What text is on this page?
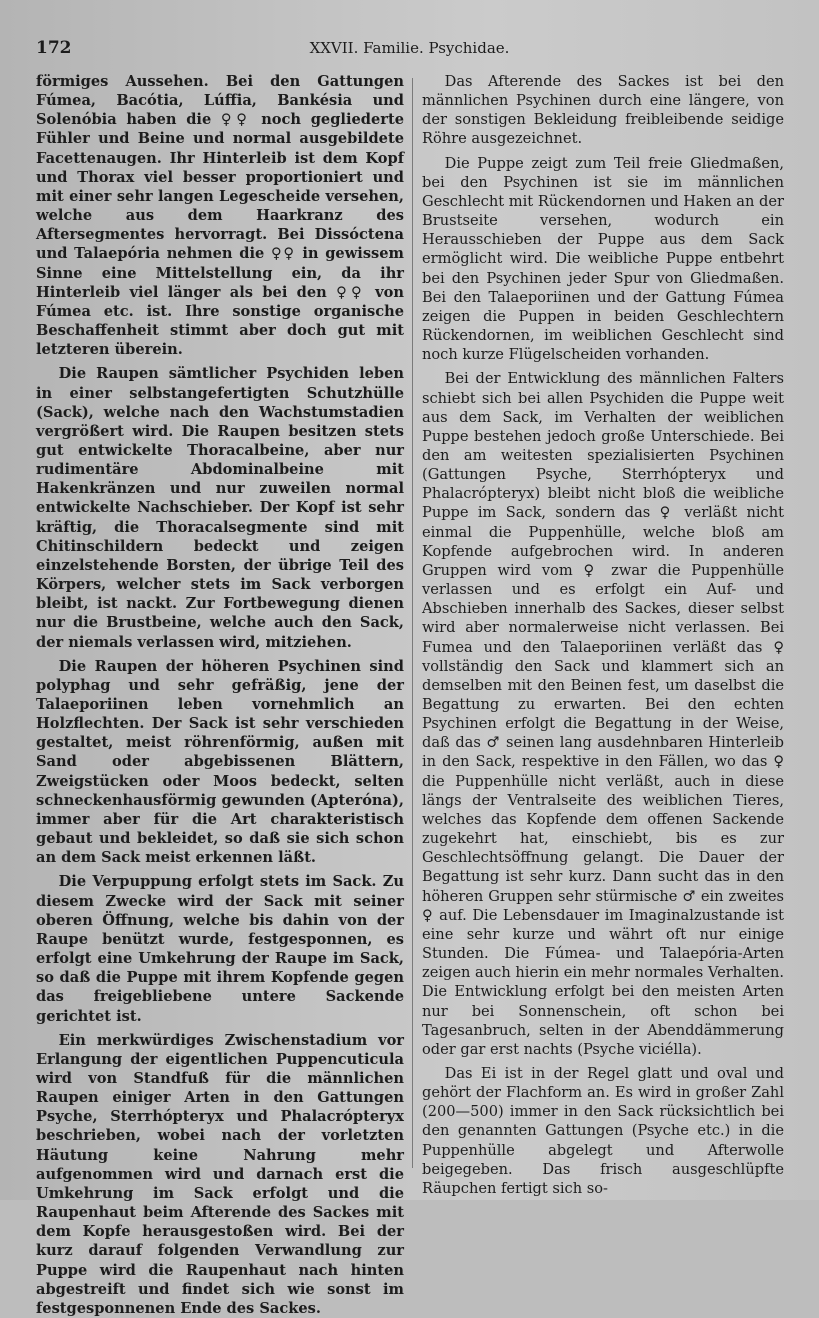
172	XXVII. Familie. Psychidae.

förmiges Aussehen. Bei den Gattungen Fúmea, Bacótia, Lúffia, Bankésia und Solenóbia haben die ♀♀ noch gegliederte Fühler und Beine und normal ausgebildete Facettenaugen. Ihr Hinterleib ist dem Kopf und Thorax viel besser proportioniert und mit einer sehr langen Legescheide versehen, welche aus dem Haarkranz des Aftersegmentes hervorragt. Bei Dissóctena und Talaepória nehmen die ♀♀ in gewissem Sinne eine Mittelstellung ein, da ihr Hinterleib viel länger als bei den ♀♀ von Fúmea etc. ist. Ihre sonstige organische Beschaffenheit stimmt aber doch gut mit letzteren überein.

Die Raupen sämtlicher Psychiden leben in einer selbstangefertigten Schutzhülle (Sack), welche nach den Wachstumstadien vergrößert wird. Die Raupen besitzen stets gut entwickelte Thoracalbeine, aber nur rudimentäre Abdominalbeine mit Hakenkränzen und nur zuweilen normal entwickelte Nachschieber. Der Kopf ist sehr kräftig, die Thoracalsegmente sind mit Chitinschildern bedeckt und zeigen einzelstehende Borsten, der übrige Teil des Körpers, welcher stets im Sack verborgen bleibt, ist nackt. Zur Fortbewegung dienen nur die Brustbeine, welche auch den Sack, der niemals verlassen wird, mitziehen.

Die Raupen der höheren Psychinen sind polyphag und sehr gefräßig, jene der Talaeporiinen leben vornehmlich an Holzflechten. Der Sack ist sehr verschieden gestaltet, meist röhrenförmig, außen mit Sand oder abgebissenen Blättern, Zweigstücken oder Moos bedeckt, selten schneckenhausförmig gewunden (Apteróna), immer aber für die Art charakteristisch gebaut und bekleidet, so daß sie sich schon an dem Sack meist erkennen läßt.

Die Verpuppung erfolgt stets im Sack. Zu diesem Zwecke wird der Sack mit seiner oberen Öffnung, welche bis dahin von der Raupe benützt wurde, festgesponnen, es erfolgt eine Umkehrung der Raupe im Sack, so daß die Puppe mit ihrem Kopfende gegen das freigebliebene untere Sackende gerichtet ist.

Ein merkwürdiges Zwischenstadium vor Erlangung der eigentlichen Puppencuticula wird von Standfuß für die männlichen Raupen einiger Arten in den Gattungen Psyche, Sterrhópteryx und Phalacrópteryx beschrieben, wobei nach der vorletzten Häutung keine Nahrung mehr aufgenommen wird und darnach erst die Umkehrung im Sack erfolgt und die Raupenhaut beim Afterende des Sackes mit dem Kopfe herausgestoßen wird. Bei der kurz darauf folgenden Verwandlung zur Puppe wird die Raupenhaut nach hinten abgestreift und findet sich wie sonst im festgesponnenen Ende des Sackes.

Das Afterende des Sackes ist bei den männlichen Psychinen durch eine längere, von der sonstigen Bekleidung freibleibende seidige Röhre ausgezeichnet.

Die Puppe zeigt zum Teil freie Gliedmaßen, bei den Psychinen ist sie im männlichen Geschlecht mit Rückendornen und Haken an der Brustseite versehen, wodurch ein Herausschieben der Puppe aus dem Sack ermöglicht wird. Die weibliche Puppe entbehrt bei den Psychinen jeder Spur von Gliedmaßen. Bei den Talaeporiinen und der Gattung Fúmea zeigen die Puppen in beiden Geschlechtern Rückendornen, im weiblichen Geschlecht sind noch kurze Flügelscheiden vorhanden.

Bei der Entwicklung des männlichen Falters schiebt sich bei allen Psychiden die Puppe weit aus dem Sack, im Verhalten der weiblichen Puppe bestehen jedoch große Unterschiede. Bei den am weitesten spezialisierten Psychinen (Gattungen Psyche, Sterrhópteryx und Phalacrópteryx) bleibt nicht bloß die weibliche Puppe im Sack, sondern das ♀ verläßt nicht einmal die Puppenhülle, welche bloß am Kopfende aufgebrochen wird. In anderen Gruppen wird vom ♀ zwar die Puppenhülle verlassen und es erfolgt ein Auf- und Abschieben innerhalb des Sackes, dieser selbst wird aber normalerweise nicht verlassen. Bei Fumea und den Talaeporiinen verläßt das ♀ vollständig den Sack und klammert sich an demselben mit den Beinen fest, um daselbst die Begattung zu erwarten. Bei den echten Psychinen erfolgt die Begattung in der Weise, daß das ♂ seinen lang ausdehnbaren Hinterleib in den Sack, respektive in den Fällen, wo das ♀ die Puppenhülle nicht verläßt, auch in diese längs der Ventralseite des weiblichen Tieres, welches das Kopfende dem offenen Sackende zugekehrt hat, einschiebt, bis es zur Geschlechtsöffnung gelangt. Die Dauer der Begattung ist sehr kurz. Dann sucht das in den höheren Gruppen sehr stürmische ♂ ein zweites ♀ auf. Die Lebensdauer im Imaginalzustande ist eine sehr kurze und währt oft nur einige Stunden. Die Fúmea- und Talaepória-Arten zeigen auch hierin ein mehr normales Verhalten. Die Entwicklung erfolgt bei den meisten Arten nur bei Sonnenschein, oft schon bei Tagesanbruch, selten in der Abenddämmerung oder gar erst nachts (Psyche viciélla).

Das Ei ist in der Regel glatt und oval und gehört der Flachform an. Es wird in großer Zahl (200—500) immer in den Sack rücksichtlich bei den genannten Gattungen (Psyche etc.) in die Puppenhülle abgelegt und Afterwolle beigegeben. Das frisch ausgeschlüpfte Räupchen fertigt sich so-
